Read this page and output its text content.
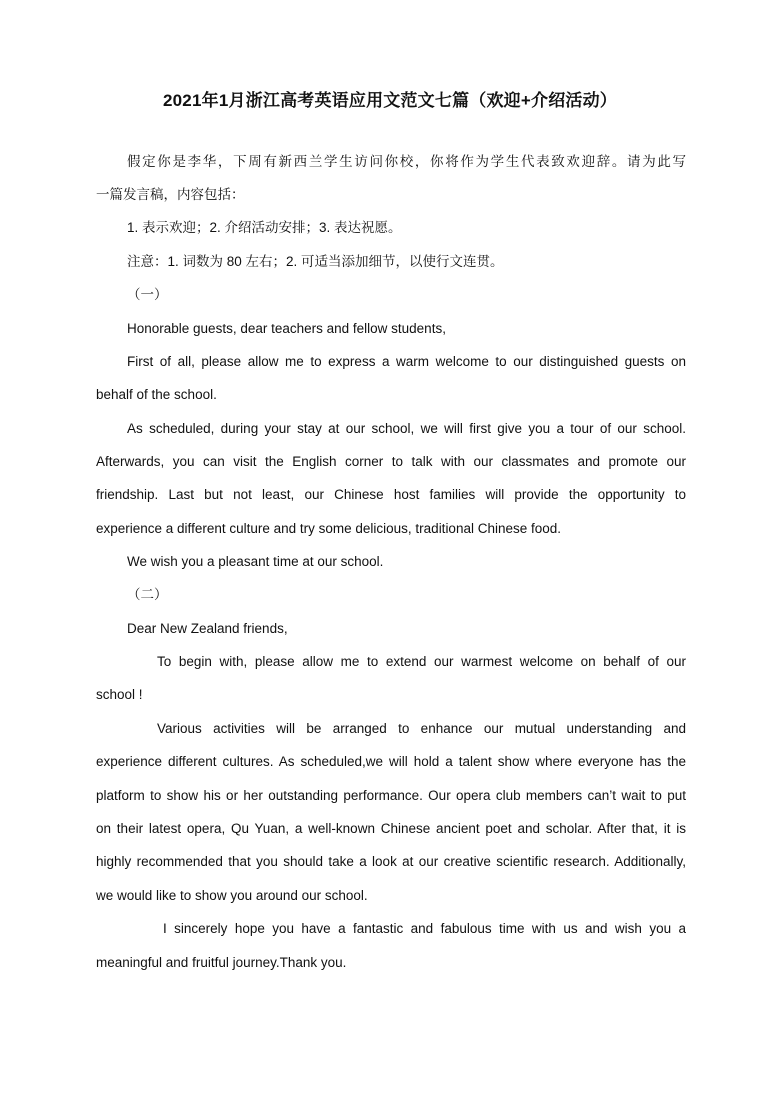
2021年1月浙江高考英语应用文范文七篇（欢迎+介绍活动）
假定你是李华，下周有新西兰学生访问你校，你将作为学生代表致欢迎辞。请为此写
一篇发言稿，内容包括：
1. 表示欢迎；2. 介绍活动安排；3. 表达祝愿。
注意：1. 词数为 80 左右；2. 可适当添加细节，以使行文连贯。
（一）
Honorable guests, dear teachers and fellow students,
First of all, please allow me to express a warm welcome to our distinguished guests on
behalf of the school.
As scheduled, during your stay at our school, we will first give you a tour of our school.
Afterwards, you can visit the English corner to talk with our classmates and promote our
friendship. Last but not least, our Chinese host families will provide the opportunity to
experience a different culture and try some delicious, traditional Chinese food.
We wish you a pleasant time at our school.
（二）
Dear New Zealand friends,
To begin with, please allow me to extend our warmest welcome on behalf of our
school !
Various activities will be arranged to enhance our mutual understanding and
experience different cultures. As scheduled,we will hold a talent show where everyone has the
platform to show his or her outstanding performance. Our opera club members can’t wait to put
on their latest opera, Qu Yuan, a well-known Chinese ancient poet and scholar. After that, it is
highly recommended that you should take a look at our creative scientific research. Additionally,
we would like to show you around our school.
I sincerely hope you have a fantastic and fabulous time with us and wish you a
meaningful and fruitful journey.Thank you.
